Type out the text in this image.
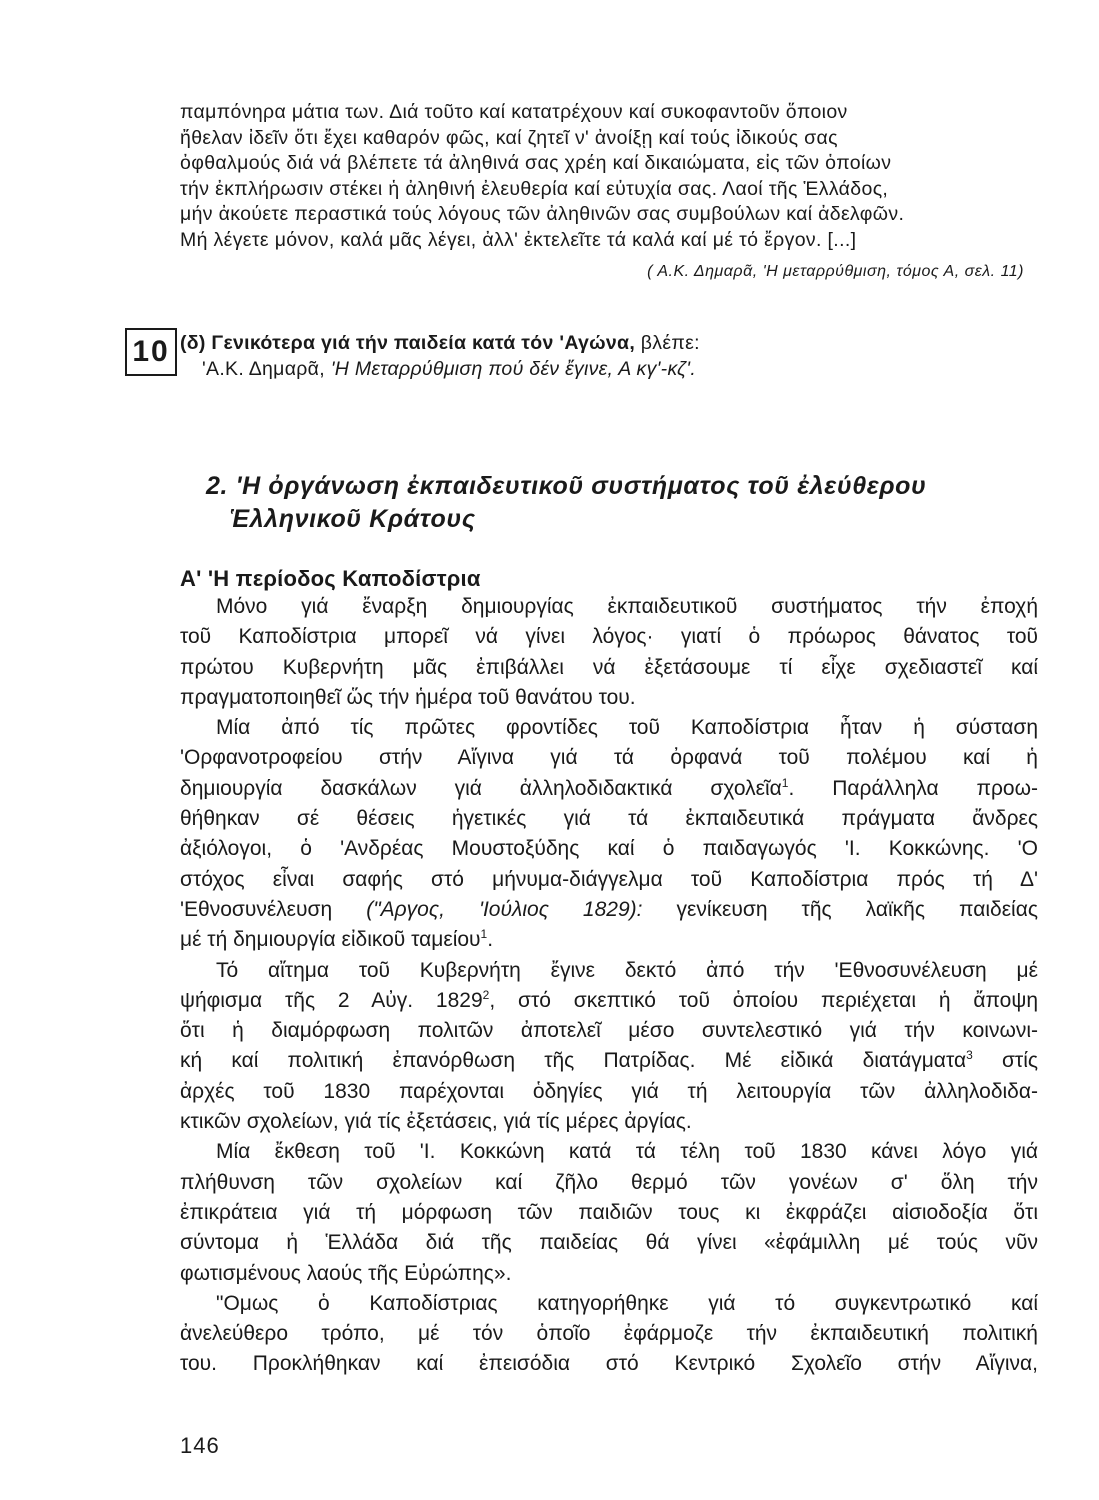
παμπόνηρα μάτια των. Διά τοῦτο καί κατατρέχουν καί συκοφαντοῦν ὅποιον
ἤθελαν ἰδεῖν ὅτι ἔχει καθαρόν φῶς, καί ζητεῖ ν' ἀνοίξῃ καί τούς ἰδικούς σας
ὀφθαλμούς διά νά βλέπετε τά ἀληθινά σας χρέη καί δικαιώματα, εἰς τῶν ὁποίων
τήν ἐκπλήρωσιν στέκει ἡ ἀληθινή ἐλευθερία καί εὐτυχία σας. Λαοί τῆς Ἑλλάδος,
μήν ἀκούετε περαστικά τούς λόγους τῶν ἀληθινῶν σας συμβούλων καί ἀδελφῶν.
Μή λέγετε μόνον, καλά μᾶς λέγει, ἀλλ' ἐκτελεῖτε τά καλά καί μέ τό ἔργον. [...]
( Α.Κ. Δημαρᾶ, 'Η μεταρρύθμιση, τόμος Α, σελ. 11)
10 (δ) Γενικότερα γιά τήν παιδεία κατά τόν 'Αγώνα, βλέπε:
'Α.Κ. Δημαρᾶ, 'Η Μεταρρύθμιση πού δέν ἔγινε, Α κγ'-κζ'.
2. 'Η ὀργάνωση ἐκπαιδευτικοῦ συστήματος τοῦ ἐλεύθερου
Ἑλληνικοῦ Κράτους
Α' 'Η περίοδος Καποδίστρια
Μόνο γιά ἔναρξη δημιουργίας ἐκπαιδευτικοῦ συστήματος τήν ἐποχή
τοῦ Καποδίστρια μπορεῖ νά γίνει λόγος· γιατί ὁ πρόωρος θάνατος τοῦ
πρώτου Κυβερνήτη μᾶς ἐπιβάλλει νά ἐξετάσουμε τί εἶχε σχεδιαστεῖ καί
πραγματοποιηθεῖ ὥς τήν ἡμέρα τοῦ θανάτου του.
Μία ἀπό τίς πρῶτες φροντίδες τοῦ Καποδίστρια ἦταν ἡ σύσταση
'Ορφανοτροφείου στήν Αἴγινα γιά τά ὀρφανά τοῦ πολέμου καί ἡ
δημιουργία δασκάλων γιά ἀλληλοδιδακτικά σχολεῖα$^1$. Παράλληλα προω-
θήθηκαν σέ θέσεις ἡγετικές γιά τά ἐκπαιδευτικά πράγματα ἄνδρες
ἀξιόλογοι, ὁ 'Ανδρέας Μουστοξύδης καί ὁ παιδαγωγός 'Ι. Κοκκώνης. 'Ο
στόχος εἶναι σαφής στό μήνυμα-διάγγελμα τοῦ Καποδίστρια πρός τή Δ'
'Εθνοσυνέλευση ("Αργος, 'Ιούλιος 1829): γενίκευση τῆς λαϊκῆς παιδείας
μέ τή δημιουργία εἰδικοῦ ταμείου$^1$.
Τό αἴτημα τοῦ Κυβερνήτη ἔγινε δεκτό ἀπό τήν 'Εθνοσυνέλευση μέ
ψήφισμα τῆς 2 Αὐγ. 1829$^2$, στό σκεπτικό τοῦ ὁποίου περιέχεται ἡ ἄποψη
ὅτι ἡ διαμόρφωση πολιτῶν ἀποτελεῖ μέσο συντελεστικό γιά τήν κοινωνι-
κή καί πολιτική ἐπανόρθωση τῆς Πατρίδας. Μέ εἰδικά διατάγματα$^3$ στίς
ἀρχές τοῦ 1830 παρέχονται ὁδηγίες γιά τή λειτουργία τῶν ἀλληλοδιδα-
κτικῶν σχολείων, γιά τίς ἐξετάσεις, γιά τίς μέρες ἀργίας.
Μία ἔκθεση τοῦ 'Ι. Κοκκώνη κατά τά τέλη τοῦ 1830 κάνει λόγο γιά
πλήθυνση τῶν σχολείων καί ζῆλο θερμό τῶν γονέων σ' ὅλη τήν
ἐπικράτεια γιά τή μόρφωση τῶν παιδιῶν τους κι ἐκφράζει αἰσιοδοξία ὅτι
σύντομα ἡ Ἑλλάδα διά τῆς παιδείας θά γίνει «ἐφάμιλλη μέ τούς νῦν
φωτισμένους λαούς τῆς Εὐρώπης».
"Ομως ὁ Καποδίστριας κατηγορήθηκε γιά τό συγκεντρωτικό καί
ἀνελεύθερο τρόπο, μέ τόν ὁποῖο ἐφάρμοζε τήν ἐκπαιδευτική πολιτική
του. Προκλήθηκαν καί ἐπεισόδια στό Κεντρικό Σχολεῖο στήν Αἴγινα,
146
